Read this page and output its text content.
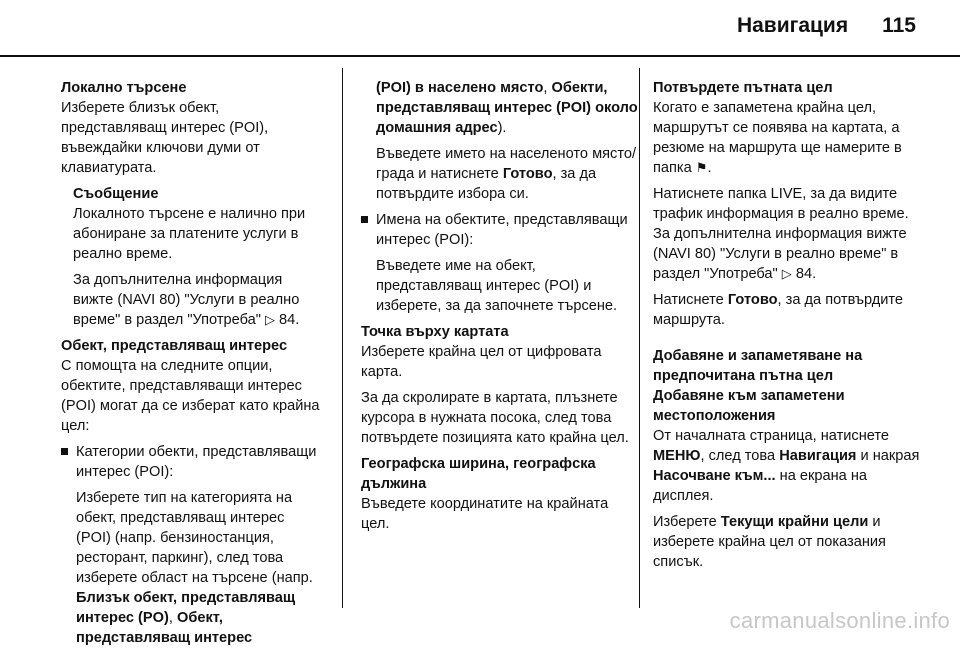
Навигация 115

Локално търсене

Изберете близък обект, представляващ интерес (POI), въвеждайки ключови думи от клавиатурата.

Съобщение

Локалното търсене е налично при абониране за платените услуги в реално време.

За допълнителна информация вижте (NAVI 80) "Услуги в реално време" в раздел "Употреба" ▷ 84.

Обект, представляващ интерес

С помощта на следните опции, обектите, представляващи интерес (POI) могат да се изберат като крайна цел:

Категории обекти, представляващи интерес (POI):

Изберете тип на категорията на обект, представляващ интерес (POI) (напр. бензиностанция, ресторант, паркинг), след това изберете област на търсене (напр. Близък обект, представляващ интерес (PO), Обект, представляващ интерес

(POI) в населено място, Обекти, представляващ интерес (POI) около домашния адрес).

Въведете името на населеното място/града и натиснете Готово, за да потвърдите избора си.

Имена на обектите, представляващи интерес (POI):

Въведете име на обект, представляващ интерес (POI) и изберете, за да започнете търсене.

Точка върху картата

Изберете крайна цел от цифровата карта.

За да скролирате в картата, плъзнете курсора в нужната посока, след това потвърдете позицията като крайна цел.

Географска ширина, географска дължина

Въведете координатите на крайната цел.

Потвърдете пътната цел

Когато е запаметена крайна цел, маршрутът се появява на картата, а резюме на маршрута ще намерите в папка ⚑.

Натиснете папка LIVE, за да видите трафик информация в реално време. За допълнителна информация вижте (NAVI 80) "Услуги в реално време" в раздел "Употреба" ▷ 84.

Натиснете Готово, за да потвърдите маршрута.

Добавяне и запаметяване на предпочитана пътна цел

Добавяне към запаметени местоположения

От началната страница, натиснете МЕНЮ, след това Навигация и накрая Насочване към... на екрана на дисплея.

Изберете Текущи крайни цели и изберете крайна цел от показания списък.

carmanualsonline.info
